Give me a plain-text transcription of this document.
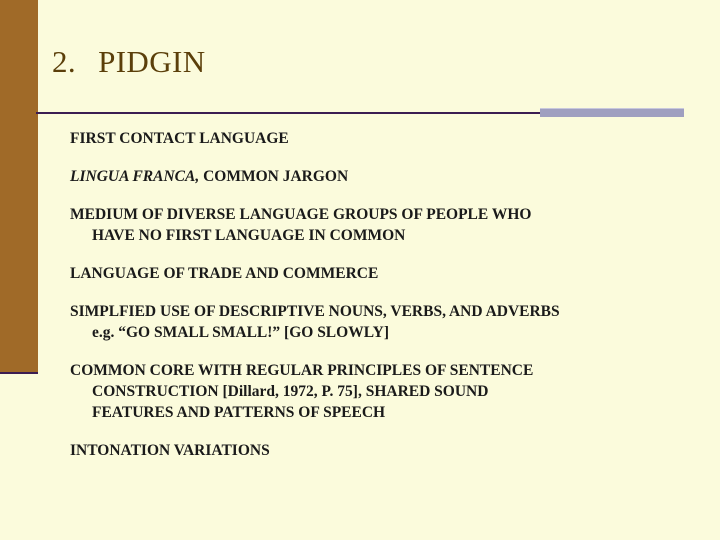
2. PIDGIN

FIRST CONTACT LANGUAGE

LINGUA FRANCA, COMMON JARGON

MEDIUM OF DIVERSE LANGUAGE GROUPS OF PEOPLE WHO
HAVE NO FIRST LANGUAGE IN COMMON

LANGUAGE OF TRADE AND COMMERCE

SIMPLFIED USE OF DESCRIPTIVE NOUNS, VERBS, AND ADVERBS
e.g. “GO SMALL SMALL!” [GO SLOWLY]

COMMON CORE WITH REGULAR PRINCIPLES OF SENTENCE
CONSTRUCTION [Dillard, 1972, P. 75], SHARED SOUND
FEATURES AND PATTERNS OF SPEECH

INTONATION VARIATIONS
